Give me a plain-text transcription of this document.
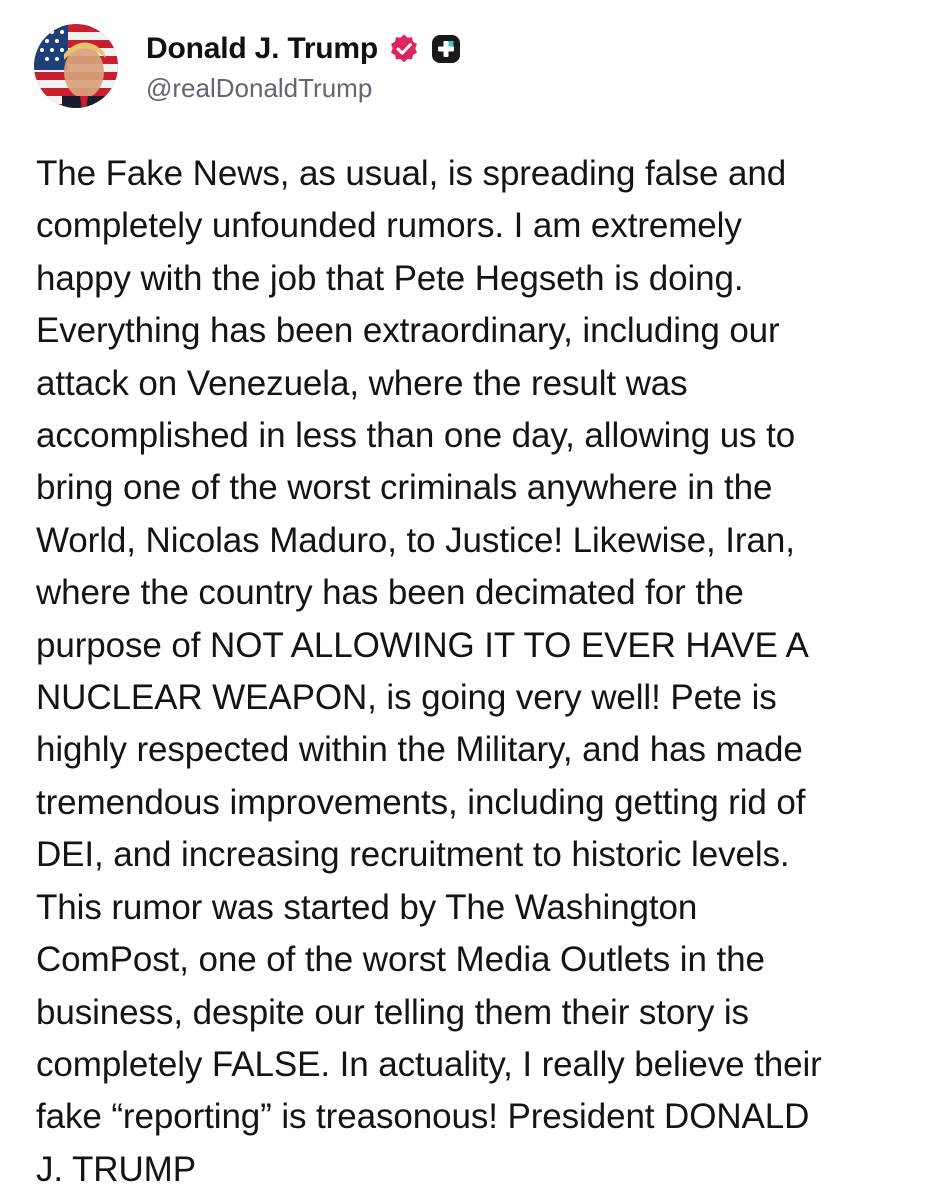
Donald J. Trump
@realDonaldTrump
The Fake News, as usual, is spreading false and
completely unfounded rumors. I am extremely
happy with the job that Pete Hegseth is doing.
Everything has been extraordinary, including our
attack on Venezuela, where the result was
accomplished in less than one day, allowing us to
bring one of the worst criminals anywhere in the
World, Nicolas Maduro, to Justice! Likewise, Iran,
where the country has been decimated for the
purpose of NOT ALLOWING IT TO EVER HAVE A
NUCLEAR WEAPON, is going very well! Pete is
highly respected within the Military, and has made
tremendous improvements, including getting rid of
DEI, and increasing recruitment to historic levels.
This rumor was started by The Washington
ComPost, one of the worst Media Outlets in the
business, despite our telling them their story is
completely FALSE. In actuality, I really believe their
fake “reporting” is treasonous! President DONALD
J. TRUMP
